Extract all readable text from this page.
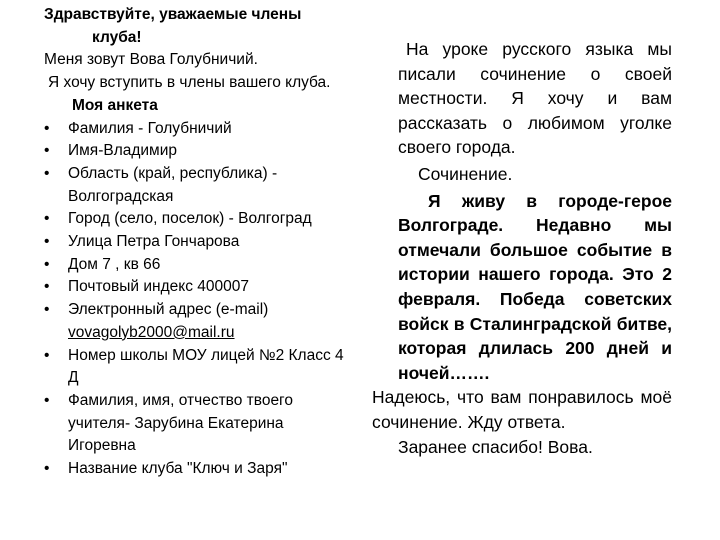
Здравствуйте, уважаемые члены
клуба!

Меня зовут Вова Голубничий.

Я хочу вступить в члены вашего клуба. Моя анкета

• Фамилия - Голубничий
• Имя-Владимир
• Область (край, республика) - Волгоградская
• Город (село, поселок) - Волгоград
• Улица Петра Гончарова
• Дом 7 , кв 66
• Почтовый индекс 400007
• Электронный адрес (e-mail)
vovagolyb2000@mail.ru
• Номер школы МОУ лицей №2 Класс 4 Д
• Фамилия, имя, отчество твоего учителя- Зарубина Екатерина Игоревна
• Название клуба "Ключ и Заря"

На уроке русского языка мы писали сочинение о своей местности. Я хочу и вам рассказать о любимом уголке своего города.

Сочинение.

Я живу в городе-герое Волгограде. Недавно мы отмечали большое событие в истории нашего города. Это 2 февраля. Победа советских войск в Сталинградской битве, которая длилась 200 дней и ночей…….

Надеюсь, что вам понравилось моё сочинение. Жду ответа.

Заранее спасибо! Вова.
